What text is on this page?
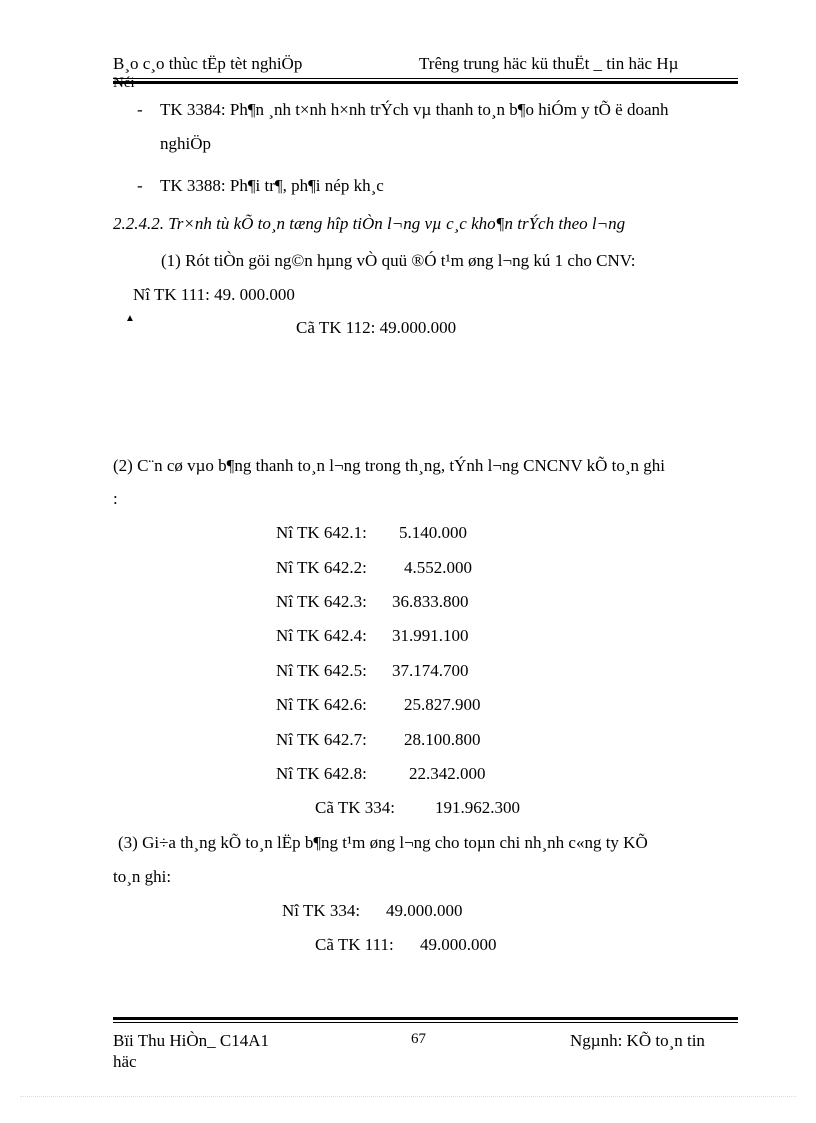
B¸o c¸o thùc tËp tèt nghiÖp	Trêng trung häc kü thuËt _ tin häc Hµ
Néi
- TK 3384: Ph¶n ¸nh t×nh h×nh trÝch vµ thanh to¸n b¶o hiÓm y tÕ ë doanh
nghiÖp
- TK 3388: Ph¶i tr¶, ph¶i nép kh¸c
2.2.4.2. Tr×nh tù kÕ to¸n tæng hîp tiÒn l¬ng vµ c¸c kho¶n trÝch theo l¬ng
(1) Rót tiÒn göi ng©n hµng vÒ quü ®Ó t¹m øng l¬ng kú 1 cho CNV:
Nî TK 111: 49. 000.000
▲	Cã TK 112: 49.000.000
(2) C¨n cø vµo b¶ng thanh to¸n l¬ng trong th¸ng, tÝnh l¬ng CNCNV kÕ to¸n ghi
:
Nî TK 642.1: 5.140.000
Nî TK 642.2: 4.552.000
Nî TK 642.3: 36.833.800
Nî TK 642.4: 31.991.100
Nî TK 642.5: 37.174.700
Nî TK 642.6: 25.827.900
Nî TK 642.7: 28.100.800
Nî TK 642.8: 22.342.000
Cã TK 334: 191.962.300
(3) Gi÷a th¸ng kÕ to¸n lËp b¶ng t¹m øng l¬ng cho toµn chi nh¸nh c«ng ty KÕ
to¸n ghi:
Nî TK 334: 49.000.000
Cã TK 111: 49.000.000
Bïi Thu HiÒn_ C14A1	67	Ngµnh: KÕ to¸n tin
häc
